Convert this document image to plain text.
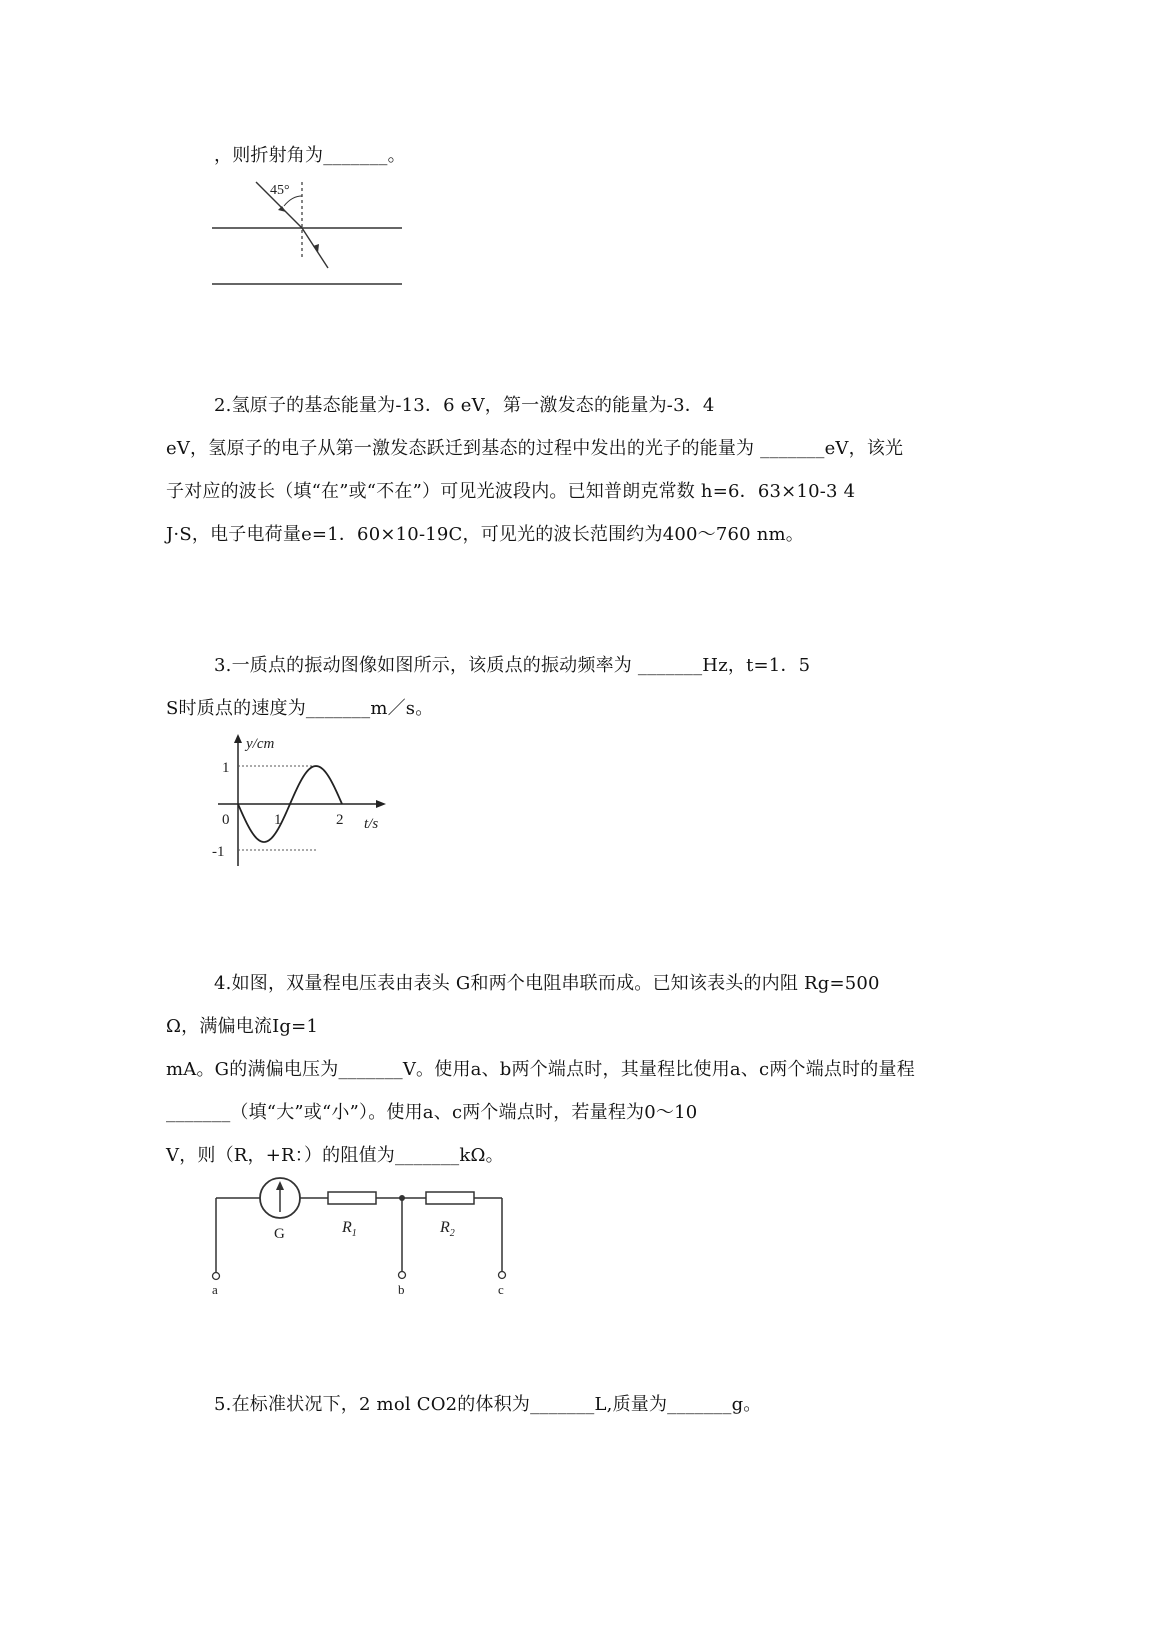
，则折射角为_______。
45°
2.氢原子的基态能量为-13．6 eV，第一激发态的能量为-3．4
eV，氢原子的电子从第一激发态跃迁到基态的过程中发出的光子的能量为 _______eV，该光
子对应的波长（填“在”或“不在”）可见光波段内。已知普朗克常数 h=6．63×10-3 4
J·S，电子电荷量e=1．60×10-19C，可见光的波长范围约为400～760 nm。
3.一质点的振动图像如图所示，该质点的振动频率为 _______Hz，t=1．5
S时质点的速度为_______m／s。
y/cm
t/s
1
-1
0	1	2
4.如图，双量程电压表由表头 G和两个电阻串联而成。已知该表头的内阻 Rg=500
Ω，满偏电流Ig=1
mA。G的满偏电压为_______V。使用a、b两个端点时，其量程比使用a、c两个端点时的量程
_______（填“大”或“小”）。使用a、c两个端点时，若量程为0～10
V，则（R，+R：）的阻值为_______kΩ。
G	$R_1$	$R_2$
a	b	c
5.在标准状况下，2 mol CO2的体积为_______L,质量为_______g。
